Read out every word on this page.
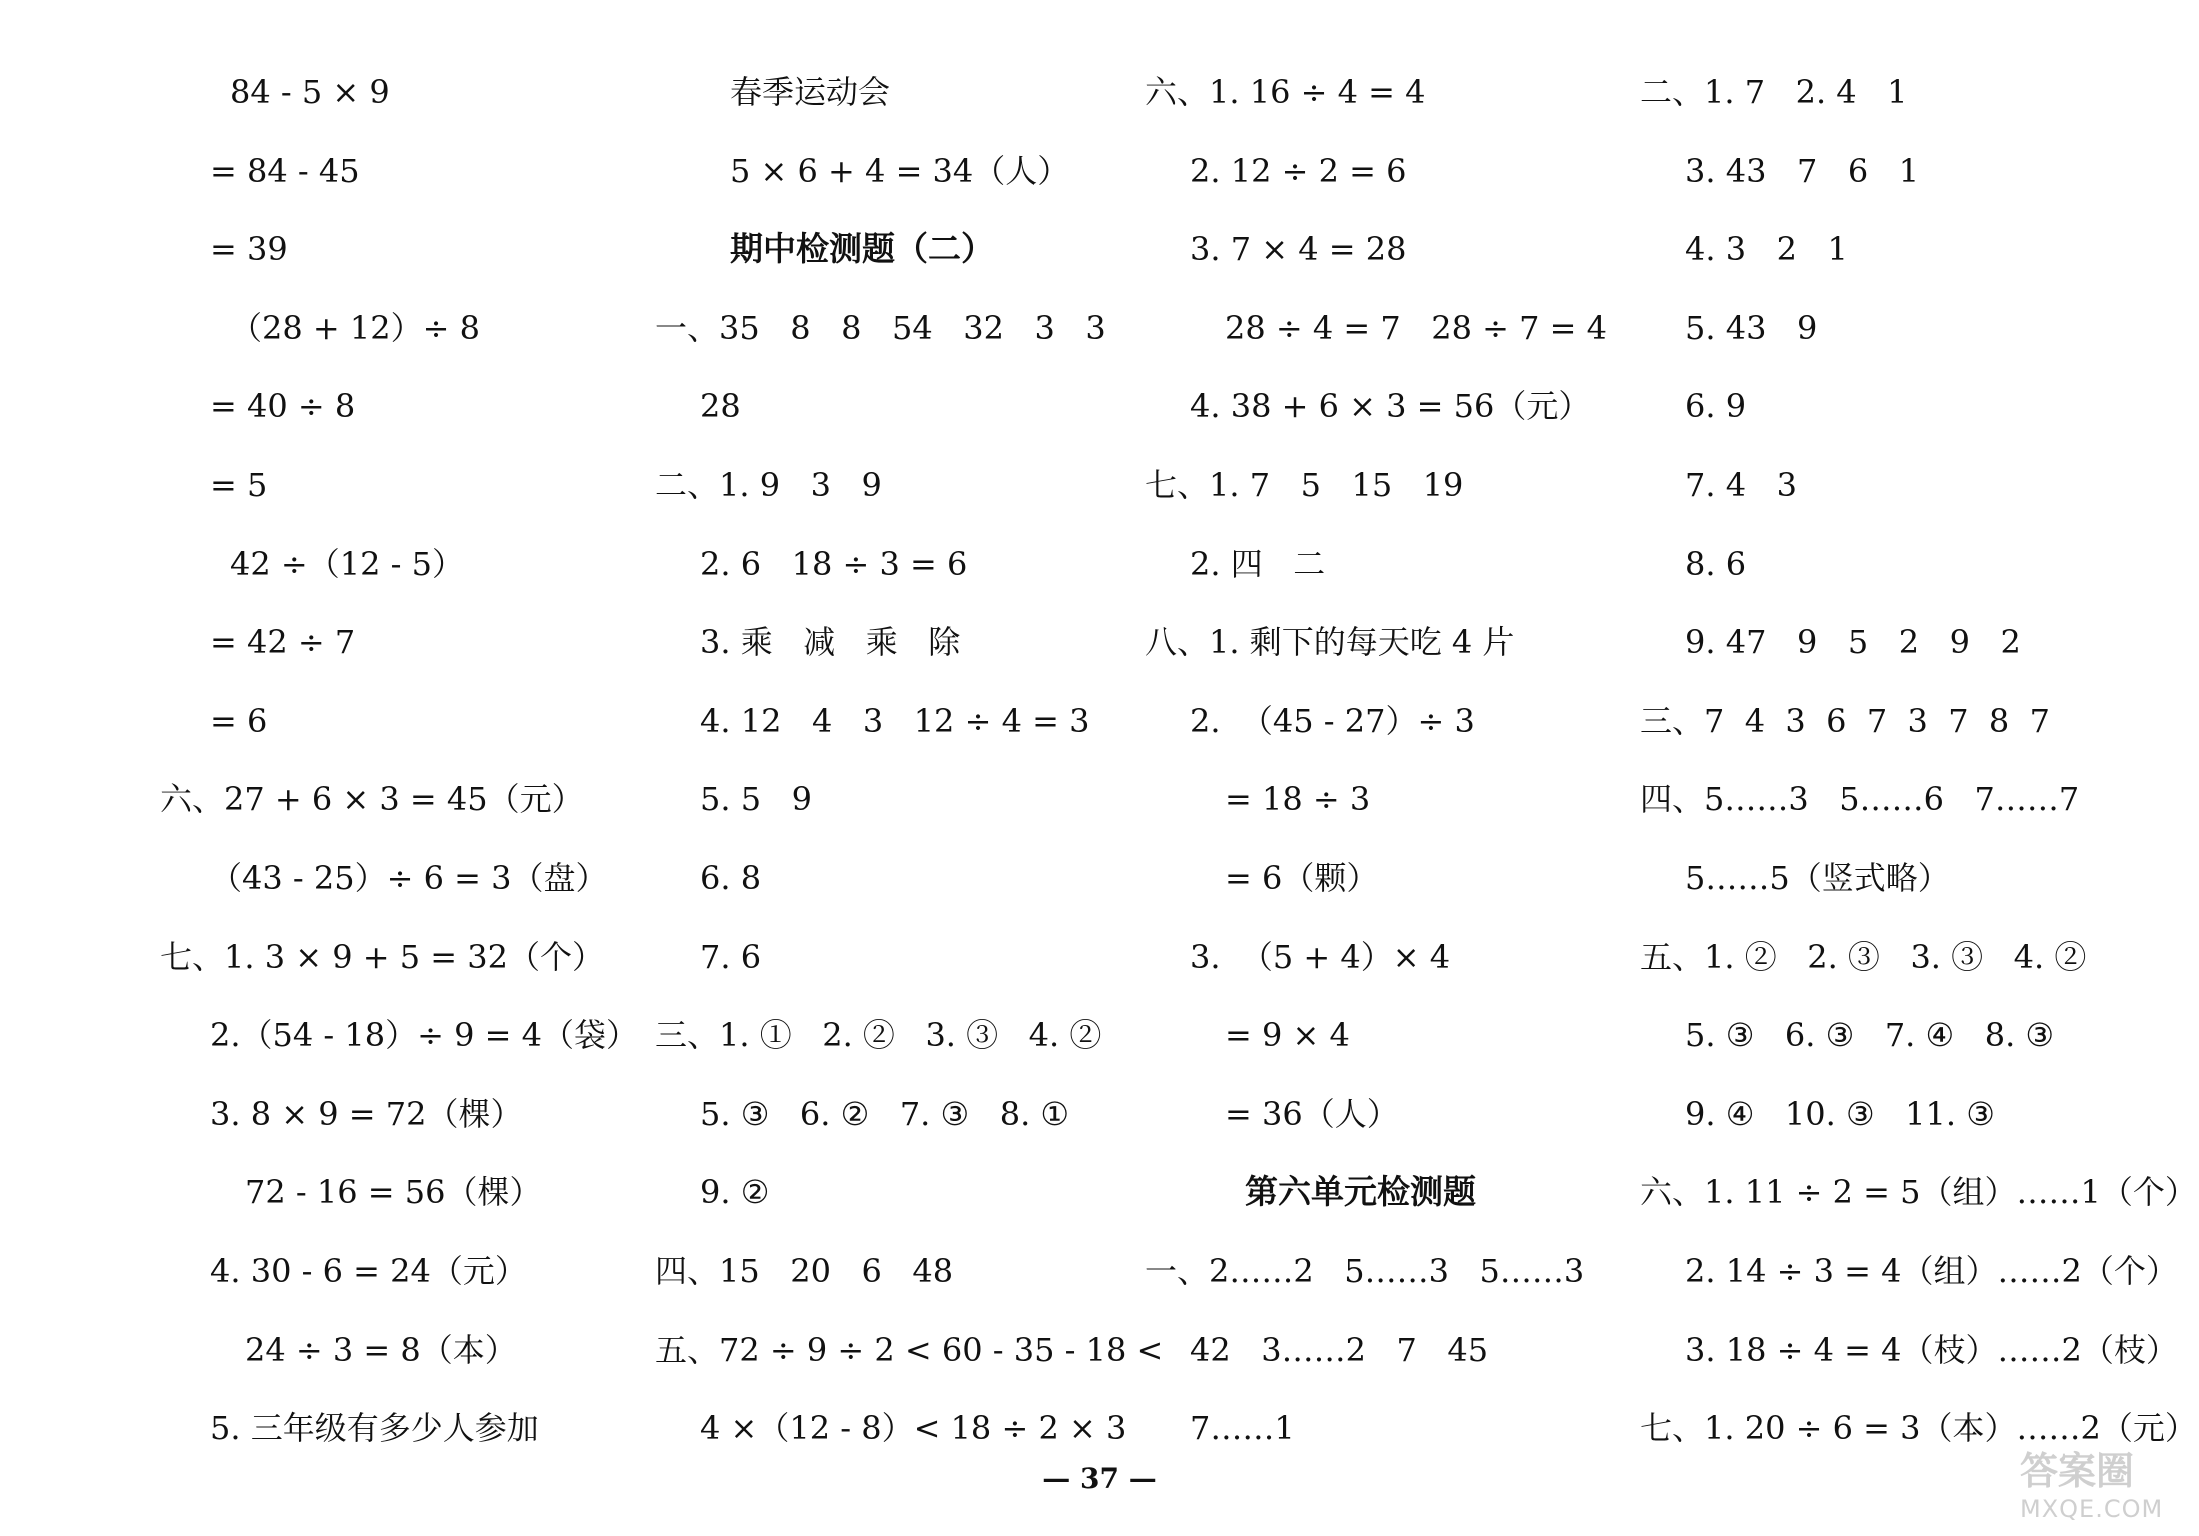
84 - 5 × 9
= 84 - 45
= 39
（28 + 12）÷ 8
= 40 ÷ 8
= 5
42 ÷（12 - 5）
= 42 ÷ 7
= 6
六、27 + 6 × 3 = 45（元）
（43 - 25）÷ 6 = 3（盘）
七、1. 3 × 9 + 5 = 32（个）
2.（54 - 18）÷ 9 = 4（袋）
3. 8 × 9 = 72（棵）
72 - 16 = 56（棵）
4. 30 - 6 = 24（元）
24 ÷ 3 = 8（本）
5. 三年级有多少人参加
春季运动会
5 × 6 + 4 = 34（人）
期中检测题（二）
一、35   8   8   54   32   3   3
28
二、1. 9   3   9
2. 6   18 ÷ 3 = 6
3. 乘   减   乘   除
4. 12   4   3   12 ÷ 4 = 3
5. 5   9
6. 8
7. 6
三、1. ①   2. ②   3. ③   4. ②
5. ③   6. ②   7. ③   8. ①
9. ②
四、15   20   6   48
五、72 ÷ 9 ÷ 2 < 60 - 35 - 18 <
4 ×（12 - 8）< 18 ÷ 2 × 3
六、1. 16 ÷ 4 = 4
2. 12 ÷ 2 = 6
3. 7 × 4 = 28
28 ÷ 4 = 7   28 ÷ 7 = 4
4. 38 + 6 × 3 = 56（元）
七、1. 7   5   15   19
2. 四   二
八、1. 剩下的每天吃 4 片
2.  （45 - 27）÷ 3
= 18 ÷ 3
= 6（颗）
3.  （5 + 4）× 4
= 9 × 4
= 36（人）
第六单元检测题
一、2……2   5……3   5……3
42   3……2   7   45
7……1
二、1. 7   2. 4   1
3. 43   7   6   1
4. 3   2   1
5. 43   9
6. 9
7. 4   3
8. 6
9. 47   9   5   2   9   2
三、7  4  3  6  7  3  7  8  7
四、5……3   5……6   7……7
5……5（竖式略）
五、1. ②   2. ③   3. ③   4. ②
5. ③   6. ③   7. ④   8. ③
9. ④   10. ③   11. ③
六、1. 11 ÷ 2 = 5（组）……1（个）
2. 14 ÷ 3 = 4（组）……2（个）
3. 18 ÷ 4 = 4（枝）……2（枝）
七、1. 20 ÷ 6 = 3（本）……2（元）
— 37 —	答案圈
MXQE.COM
